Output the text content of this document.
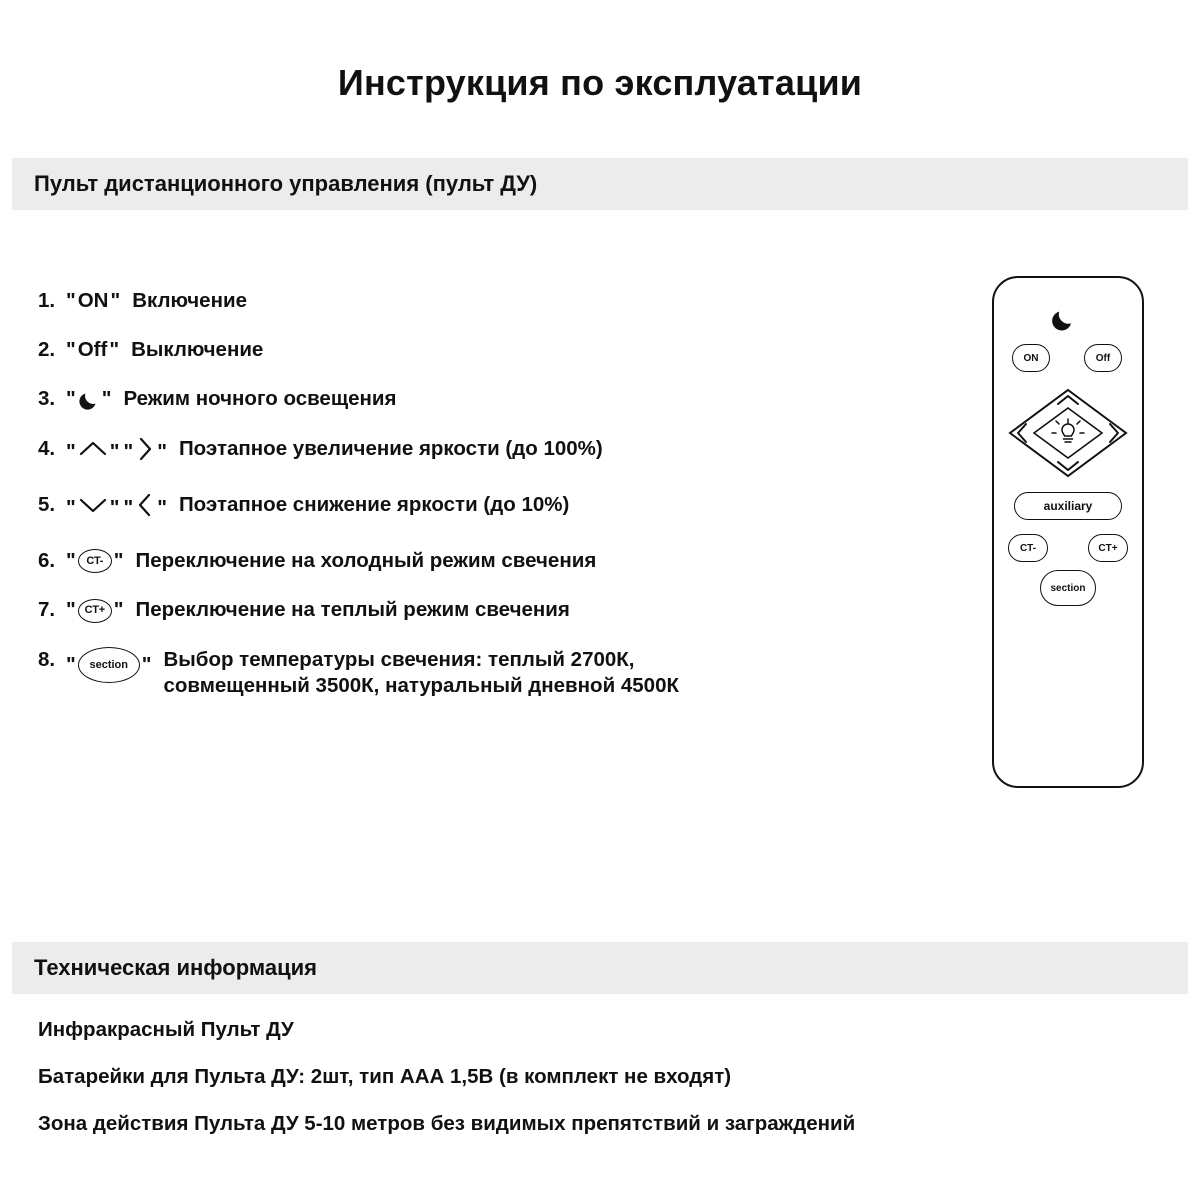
Инструкция по эксплуатации
Пульт дистанционного управления (пульт ДУ)
1. " ON " Включение
2. " Off " Выключение
3. " " Режим ночного освещения
4. " " " " Поэтапное увеличение яркости (до 100%)
5. " " " " Поэтапное снижение яркости (до 10%)
6. " CT- " Переключение на холодный режим свечения
7. " CT+ " Переключение на теплый режим свечения
8. "	section " Выбор температуры свечения: теплый 2700К,
совмещенный 3500К, натуральный дневной 4500К
ON	Off
auxiliary
CT-	CT+
section
Техническая информация
Инфракрасный Пульт ДУ
Батарейки для Пульта ДУ: 2шт, тип ААА 1,5В (в комплект не входят)
Зона действия Пульта ДУ 5-10 метров без видимых препятствий и заграждений
